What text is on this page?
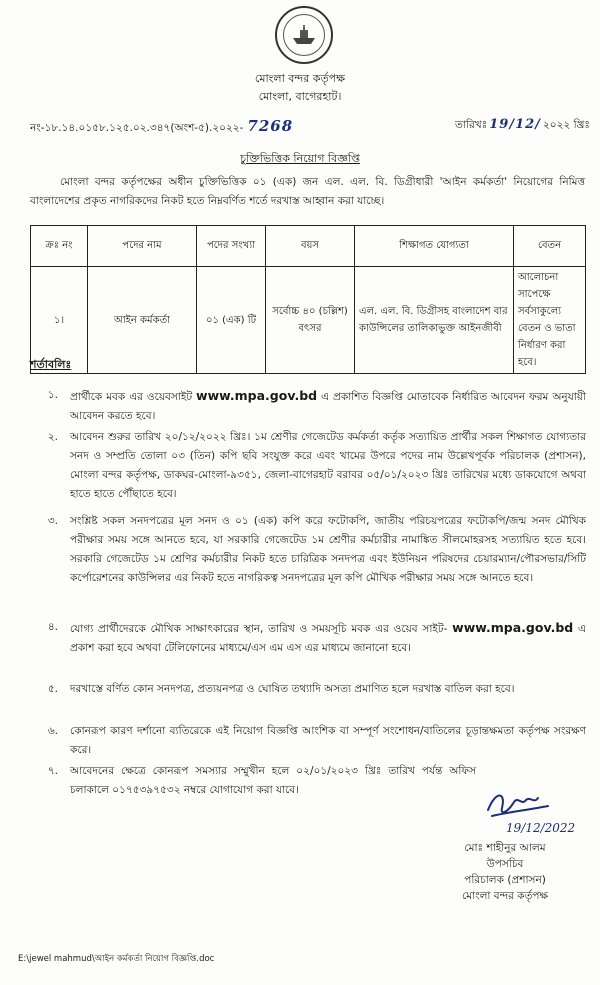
মোংলা বন্দর কর্তৃপক্ষ
মোংলা, বাগেরহাট।
নং-১৮.১৪.০১৫৮.১২৫.০২.৩৪৭(অংশ-৫).২০২২- 7268	তারিখঃ 19/12/ ২০২২ খ্রিঃ
চুক্তিভিত্তিক নিয়োগ বিজ্ঞপ্তি
মোংলা বন্দর কর্তৃপক্ষের অধীন চুক্তিভিত্তিক ০১ (এক) জন এল. এল. বি. ডিগ্রীধারী 'আইন কর্মকর্তা' নিয়োগের নিমিত্ত বাংলাদেশের প্রকৃত নাগরিকদের নিকট হতে নিম্নবর্ণিত শর্তে দরখাস্ত আহ্বান করা যাচ্ছে।
ক্রঃ নং	পদের নাম	পদের সংখ্যা	বয়স	শিক্ষাগত যোগ্যতা	বেতন
১।	আইন কর্মকর্তা	০১ (এক) টি	সর্বোচ্চ ৪০ (চল্লিশ) বৎসর	এল. এল. বি. ডিগ্রীসহ বাংলাদেশ বার কাউন্সিলের তালিকাভুক্ত আইনজীবী	আলোচনা সাপেক্ষে সর্বসাকুল্যে বেতন ও ভাতা নির্ধারণ করা হবে।
শর্তাবলিঃ
১.	প্রার্থীকে মবক এর ওয়েবসাইট www.mpa.gov.bd এ প্রকাশিত বিজ্ঞপ্তি মোতাবেক নির্ধারিত আবেদন ফরম অনুযায়ী আবেদন করতে হবে।
২.	আবেদন শুরুর তারিখ ২০/১২/২০২২ খ্রিঃ। ১ম শ্রেণীর গেজেটেড কর্মকর্তা কর্তৃক সত্যায়িত প্রার্থীর সকল শিক্ষাগত যোগ্যতার সনদ ও সম্প্রতি তোলা ০৩ (তিন) কপি ছবি সংযুক্ত করে এবং খামের উপরে পদের নাম উল্লেখপূর্বক পরিচালক (প্রশাসন), মোংলা বন্দর কর্তৃপক্ষ, ডাকঘর-মোংলা-৯৩৫১, জেলা-বাগেরহাট বরাবর ০৫/০১/২০২৩ খ্রিঃ তারিখের মধ্যে ডাকযোগে অথবা হাতে হাতে পৌঁছাতে হবে।
৩.	সংশ্লিষ্ট সকল সনদপত্রের মূল সনদ ও ০১ (এক) কপি করে ফটোকপি, জাতীয় পরিচয়পত্রের ফটোকপি/জন্ম সনদ মৌখিক পরীক্ষার সময় সঙ্গে আনতে হবে, যা সরকারি গেজেটেড ১ম শ্রেণীর কর্মচারীর নামাঙ্কিত সীলমোহরসহ সত্যায়িত হতে হবে। সরকারি গেজেটেড ১ম শ্রেণির কর্মচারীর নিকট হতে চারিত্রিক সনদপত্র এবং ইউনিয়ন পরিষদের চেয়ারম্যান/পৌরসভার/সিটি কর্পোরেশনের কাউন্সিলর এর নিকট হতে নাগরিকত্ব সনদপত্রের মূল কপি মৌখিক পরীক্ষার সময় সঙ্গে আনতে হবে।
৪.	যোগ্য প্রার্থীদেরকে মৌখিক সাক্ষাৎকারের স্থান, তারিখ ও সময়সূচি মবক এর ওয়েব সাইট- www.mpa.gov.bd এ প্রকাশ করা হবে অথবা টেলিফোনের মাধ্যমে/এস এম এস এর মাধ্যমে জানানো হবে।
৫.	দরখাস্তে বর্ণিত কোন সনদপত্র, প্রত্যয়নপত্র ও ঘোষিত তথ্যাদি অসত্য প্রমাণিত হলে দরখাস্ত বাতিল করা হবে।
৬.	কোনরূপ কারণ দর্শানো ব্যতিরেকে এই নিয়োগ বিজ্ঞপ্তি আংশিক বা সম্পূর্ণ সংশোধন/বাতিলের চূড়ান্তক্ষমতা কর্তৃপক্ষ সংরক্ষণ করে।
৭.	আবেদনের ক্ষেত্রে কোনরূপ সমস্যার সম্মুখীন হলে ০২/০১/২০২৩ খ্রিঃ তারিখ পর্যন্ত অফিস চলাকালে ০১৭৫৩৯৭৫৩২ নম্বরে যোগাযোগ করা যাবে।
19/12/2022
মোঃ শাহীনুর আলম
উপসচিব
পরিচালক (প্রশাসন)
মোংলা বন্দর কর্তৃপক্ষ
E:\jewel mahmud\আইন কর্মকর্তা নিয়োগ বিজ্ঞপ্তি.doc
